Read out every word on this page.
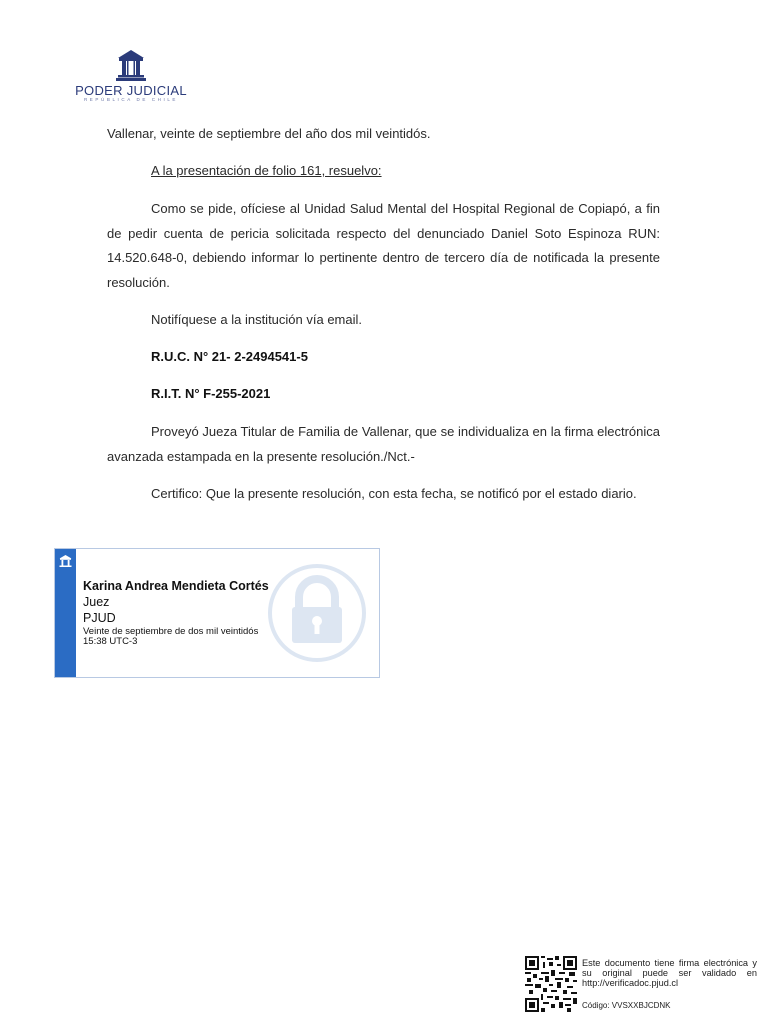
PODER JUDICIAL
REPÚBLICA DE CHILE

Vallenar, veinte de septiembre del año dos mil veintidós.

A la presentación de folio 161, resuelvo:

Como se pide, ofíciese al Unidad Salud Mental del Hospital Regional de Copiapó, a fin de pedir cuenta de pericia solicitada respecto del denunciado Daniel Soto Espinoza RUN: 14.520.648-0, debiendo informar lo pertinente dentro de tercero día de notificada la presente resolución.

Notifíquese a la institución vía email.

R.U.C. N° 21- 2-2494541-5

R.I.T. N° F-255-2021

Proveyó Jueza Titular de Familia de Vallenar, que se individualiza en la firma electrónica avanzada estampada en la presente resolución./Nct.-

Certifico: Que la presente resolución, con esta fecha, se notificó por el estado diario.

Karina Andrea Mendieta Cortés
Juez
PJUD
Veinte de septiembre de dos mil veintidós
15:38 UTC-3
Este documento tiene firma electrónica y su original puede ser validado en http://verificadoc.pjud.cl
Código: VVSXXBJCDNK
